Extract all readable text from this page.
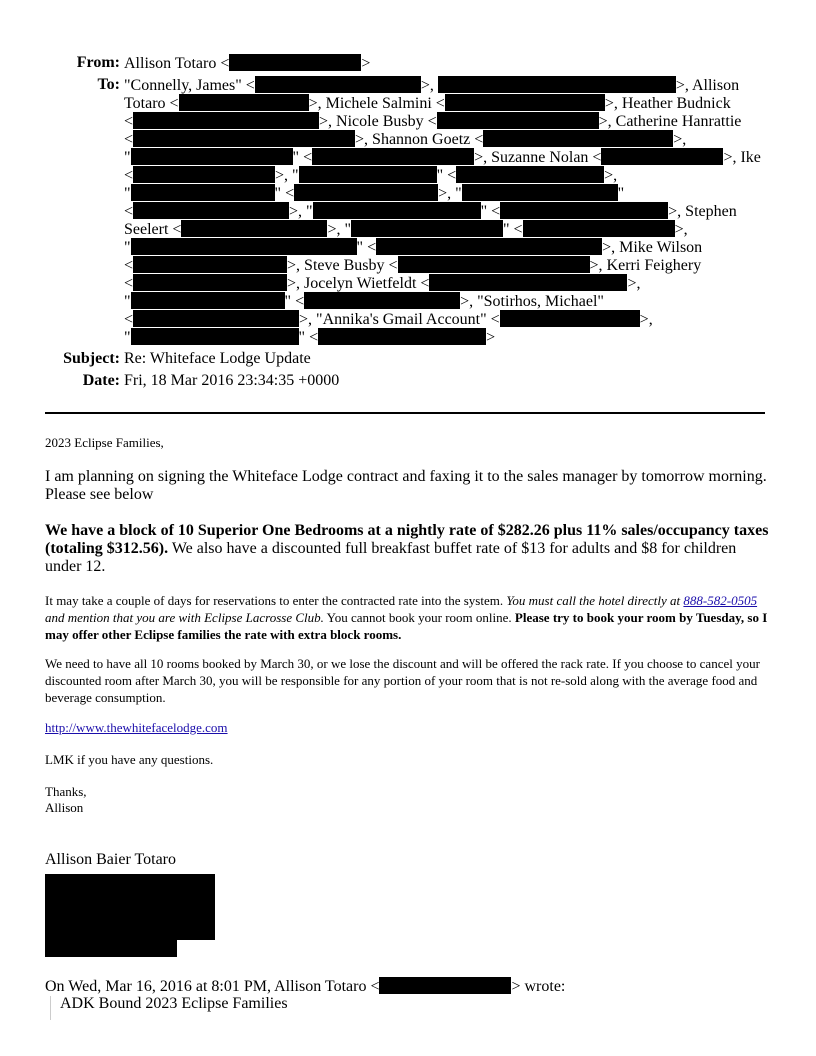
From: Allison Totaro <	>
To: "Connelly, James" <	>,	>, Allison
Totaro <	>, Michele Salmini <	>, Heather Budnick
<	>, Nicole Busby <	>, Catherine Hanrattie
<	>, Shannon Goetz <	>,
"	" <	>, Suzanne Nolan <	>, Ike
<	>, "	" <	>,
"	" <	>, "	"
<	>, "	" <	>, Stephen
Seelert <	>, "	" <	>,
"	" <	>, Mike Wilson
<	>, Steve Busby <	>, Kerri Feighery
<	>, Jocelyn Wietfeldt <	>,
"	" <	>, "Sotirhos, Michael"
<	>, "Annika's Gmail Account" <	>,
"	" <	>
Subject: Re: Whiteface Lodge Update
Date: Fri, 18 Mar 2016 23:34:35 +0000
2023 Eclipse Families,
I am planning on signing the Whiteface Lodge contract and faxing it to the sales manager by tomorrow morning. Please see below
We have a block of 10 Superior One Bedrooms at a nightly rate of $282.26 plus 11% sales/occupancy taxes (totaling $312.56). We also have a discounted full breakfast buffet rate of $13 for adults and $8 for children under 12.
It may take a couple of days for reservations to enter the contracted rate into the system. You must call the hotel directly at 888-582-0505 and mention that you are with Eclipse Lacrosse Club. You cannot book your room online. Please try to book your room by Tuesday, so I may offer other Eclipse families the rate with extra block rooms.
We need to have all 10 rooms booked by March 30, or we lose the discount and will be offered the rack rate. If you choose to cancel your discounted room after March 30, you will be responsible for any portion of your room that is not re-sold along with the average food and beverage consumption.
http://www.thewhitefacelodge.com
LMK if you have any questions.
Thanks,
Allison
Allison Baier Totaro
On Wed, Mar 16, 2016 at 8:01 PM, Allison Totaro <	> wrote:
ADK Bound 2023 Eclipse Families
